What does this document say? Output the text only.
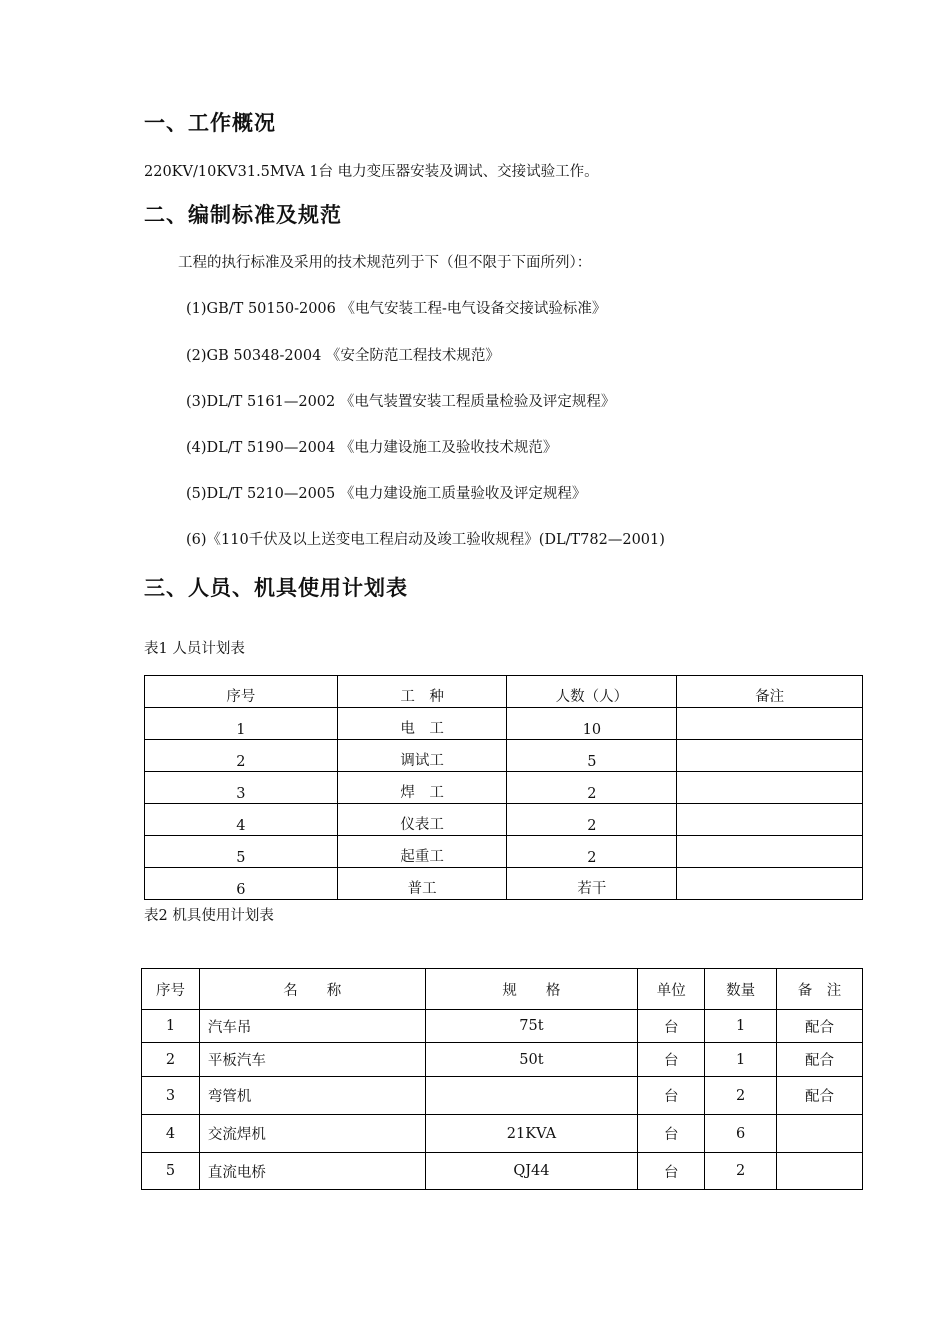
一、工作概况
220KV/10KV31.5MVA 1台 电力变压器安装及调试、交接试验工作。
二、编制标准及规范
工程的执行标准及采用的技术规范列于下（但不限于下面所列）：
(1)GB/T 50150-2006 《电气安装工程-电气设备交接试验标准》
(2)GB 50348-2004 《安全防范工程技术规范》
(3)DL/T 5161—2002 《电气装置安装工程质量检验及评定规程》
(4)DL/T 5190—2004 《电力建设施工及验收技术规范》
(5)DL/T 5210—2005 《电力建设施工质量验收及评定规程》
(6)《110千伏及以上送变电工程启动及竣工验收规程》(DL/T782—2001)
三、人员、机具使用计划表
表1 人员计划表
序号	工　种	人数（人）	备注
1	电　工	10	
2	调试工	5	
3	焊　工	2	
4	仪表工	2	
5	起重工	2	
6	普工	若干	
表2 机具使用计划表
序号	名　　称	规　　格	单位	数量	备　注
1	汽车吊	75t	台	1	配合
2	平板汽车	50t	台	1	配合
3	弯管机		台	2	配合
4	交流焊机	21KVA	台	6	
5	直流电桥	QJ44	台	2	
